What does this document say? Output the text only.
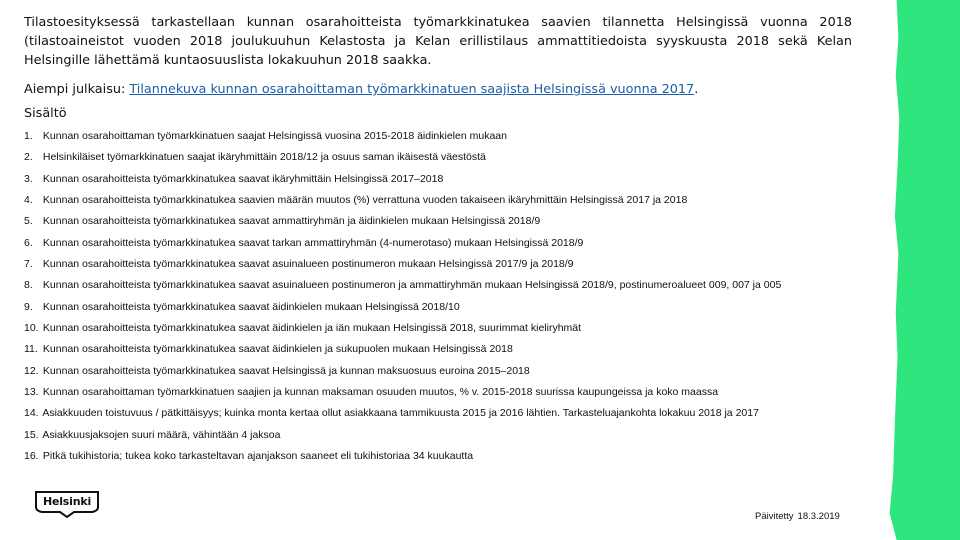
Tilastoesityksessä tarkastellaan kunnan osarahoitteista työmarkkinatukea saavien tilannetta Helsingissä vuonna 2018 (tilastoaineistot vuoden 2018 joulukuuhun Kelastosta ja Kelan erillistilaus ammattitiedoista syyskuusta 2018 sekä Kelan Helsingille lähettämä kuntaosuuslista lokakuuhun 2018 saakka.

Aiempi julkaisu: Tilannekuva kunnan osarahoittaman työmarkkinatuen saajista Helsingissä vuonna 2017.

Sisältö
1. Kunnan osarahoittaman työmarkkinatuen saajat Helsingissä vuosina 2015-2018 äidinkielen mukaan
2. Helsinkiläiset työmarkkinatuen saajat ikäryhmittäin 2018/12 ja osuus saman ikäisestä väestöstä
3. Kunnan osarahoitteista työmarkkinatukea saavat ikäryhmittäin Helsingissä 2017–2018
4. Kunnan osarahoitteista työmarkkinatukea saavien määrän muutos (%) verrattuna vuoden takaiseen ikäryhmittäin Helsingissä 2017 ja 2018
5. Kunnan osarahoitteista työmarkkinatukea saavat ammattiryhmän ja äidinkielen mukaan Helsingissä 2018/9
6. Kunnan osarahoitteista työmarkkinatukea saavat tarkan ammattiryhmän (4-numerotaso) mukaan Helsingissä 2018/9
7. Kunnan osarahoitteista työmarkkinatukea saavat asuinalueen postinumeron mukaan Helsingissä 2017/9 ja 2018/9
8. Kunnan osarahoitteista työmarkkinatukea saavat asuinalueen postinumeron ja ammattiryhmän mukaan Helsingissä 2018/9, postinumeroalueet 009, 007 ja 005
9. Kunnan osarahoitteista työmarkkinatukea saavat äidinkielen mukaan Helsingissä 2018/10
10. Kunnan osarahoitteista työmarkkinatukea saavat äidinkielen ja iän mukaan Helsingissä 2018, suurimmat kieliryhmät
11. Kunnan osarahoitteista työmarkkinatukea saavat äidinkielen ja sukupuolen mukaan Helsingissä 2018
12. Kunnan osarahoitteista työmarkkinatukea saavat Helsingissä ja kunnan maksuosuus euroina 2015–2018
13. Kunnan osarahoittaman työmarkkinatuen saajien ja kunnan maksaman osuuden muutos, % v. 2015-2018 suurissa kaupungeissa ja koko maassa
14. Asiakkuuden toistuvuus / pätkittäisyys; kuinka monta kertaa ollut asiakkaana tammikuusta 2015 ja 2016 lähtien. Tarkasteluajankohta lokakuu 2018 ja 2017
15. Asiakkuusjaksojen suuri määrä, vähintään 4 jaksoa
16. Pitkä tukihistoria; tukea koko tarkasteltavan ajanjakson saaneet eli tukihistoriaa 34 kuukautta
Helsinki
Päivitetty 18.3.2019
